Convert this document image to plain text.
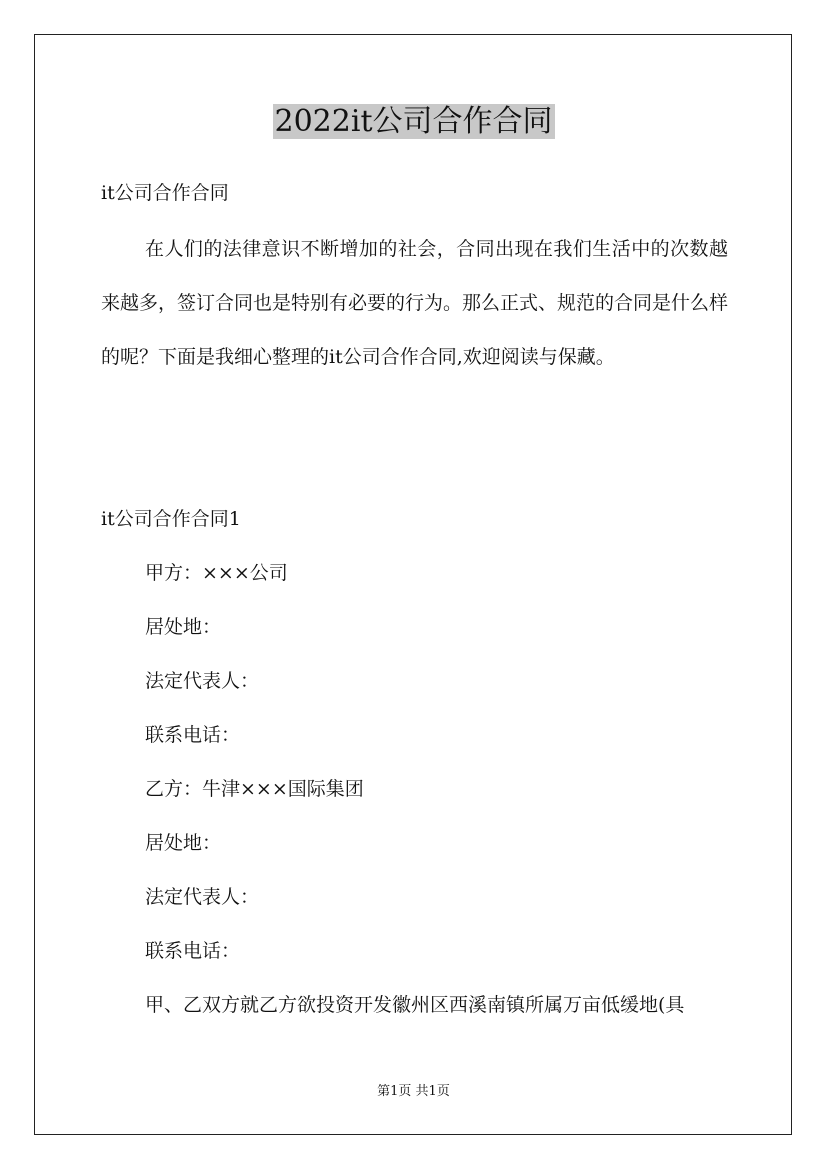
2022it公司合作合同
it公司合作合同
在人们的法律意识不断增加的社会，合同出现在我们生活中的次数越来越多，签订合同也是特别有必要的行为。那么正式、规范的合同是什么样的呢？下面是我细心整理的it公司合作合同,欢迎阅读与保藏。
it公司合作合同1
甲方：×××公司
居处地：
法定代表人：
联系电话：
乙方：牛津×××国际集团
居处地：
法定代表人：
联系电话：
甲、乙双方就乙方欲投资开发徽州区西溪南镇所属万亩低缓地(具
第1页 共1页
